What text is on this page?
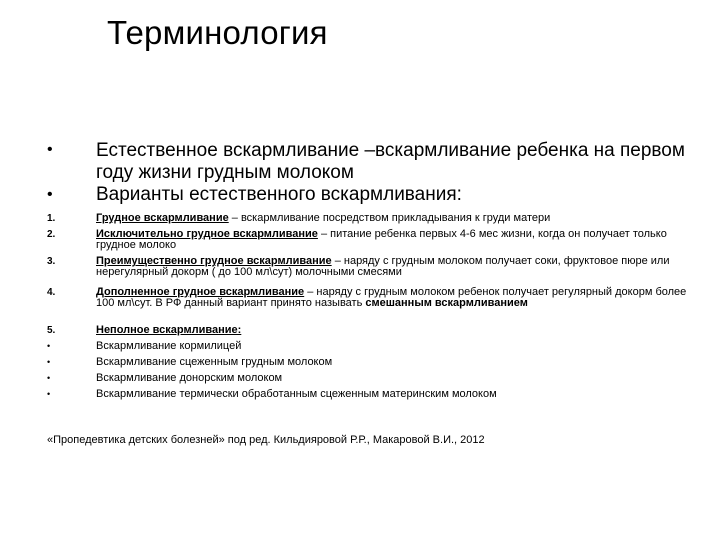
Терминология
• Естественное вскармливание –вскармливание ребенка на первом году жизни грудным молоком
• Варианты естественного вскармливания:
1.	Грудное вскармливание – вскармливание посредством прикладывания к груди матери
2.	Исключительно грудное вскармливание – питание ребенка первых 4-6 мес жизни, когда он получает только грудное молоко
3.	Преимущественно грудное вскармливание – наряду с грудным молоком получает соки, фруктовое пюре или нерегулярный докорм ( до 100 мл\сут) молочными смесями
4.	Дополненное грудное вскармливание – наряду с грудным молоком ребенок получает регулярный докорм более 100 мл\сут. В РФ данный вариант принято называть смешанным вскармливанием
5.	Неполное вскармливание:
•	Вскармливание кормилицей
•	Вскармливание сцеженным грудным молоком
•	Вскармливание донорским молоком
•	Вскармливание термически обработанным сцеженным материнским молоком
«Пропедевтика детских болезней» под ред. Кильдияровой Р.Р., Макаровой В.И., 2012
